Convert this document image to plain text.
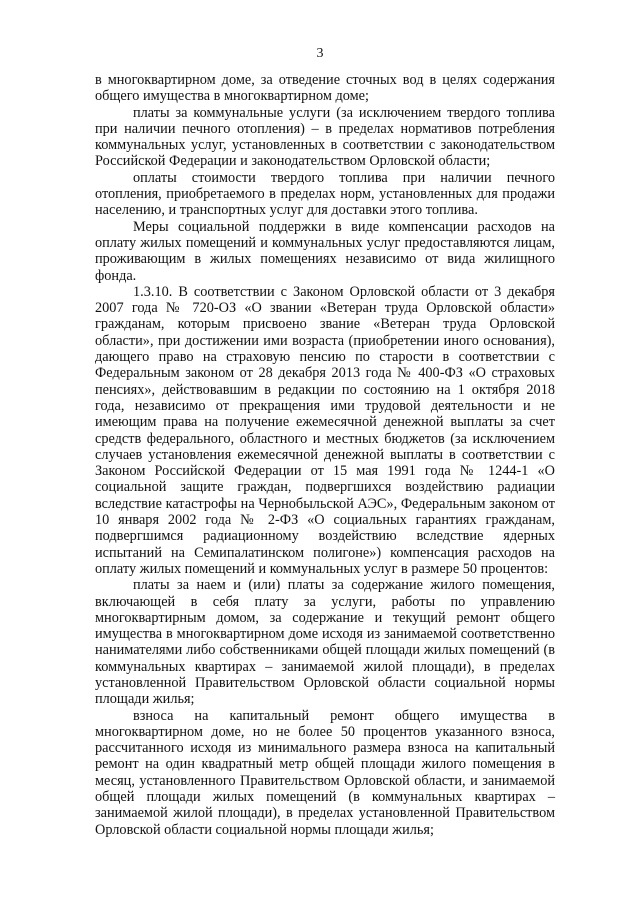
3

в многоквартирном доме, за отведение сточных вод в целях содержания общего имущества в многоквартирном доме;

платы за коммунальные услуги (за исключением твердого топлива при наличии печного отопления) – в пределах нормативов потребления коммунальных услуг, установленных в соответствии с законодательством Российской Федерации и законодательством Орловской области;

оплаты стоимости твердого топлива при наличии печного отопления, приобретаемого в пределах норм, установленных для продажи населению, и транспортных услуг для доставки этого топлива.

Меры социальной поддержки в виде компенсации расходов на оплату жилых помещений и коммунальных услуг предоставляются лицам, проживающим в жилых помещениях независимо от вида жилищного фонда.

1.3.10. В соответствии с Законом Орловской области от 3 декабря 2007 года № 720-ОЗ «О звании «Ветеран труда Орловской области» гражданам, которым присвоено звание «Ветеран труда Орловской области», при достижении ими возраста (приобретении иного основания), дающего право на страховую пенсию по старости в соответствии с Федеральным законом от 28 декабря 2013 года № 400-ФЗ «О страховых пенсиях», действовавшим в редакции по состоянию на 1 октября 2018 года, независимо от прекращения ими трудовой деятельности и не имеющим права на получение ежемесячной денежной выплаты за счет средств федерального, областного и местных бюджетов (за исключением случаев установления ежемесячной денежной выплаты в соответствии с Законом Российской Федерации от 15 мая 1991 года № 1244-1 «О социальной защите граждан, подвергшихся воздействию радиации вследствие катастрофы на Чернобыльской АЭС», Федеральным законом от 10 января 2002 года № 2-ФЗ «О социальных гарантиях гражданам, подвергшимся радиационному воздействию вследствие ядерных испытаний на Семипалатинском полигоне») компенсация расходов на оплату жилых помещений и коммунальных услуг в размере 50 процентов:

платы за наем и (или) платы за содержание жилого помещения, включающей в себя плату за услуги, работы по управлению многоквартирным домом, за содержание и текущий ремонт общего имущества в многоквартирном доме исходя из занимаемой соответственно нанимателями либо собственниками общей площади жилых помещений (в коммунальных квартирах – занимаемой жилой площади), в пределах установленной Правительством Орловской области социальной нормы площади жилья;

взноса на капитальный ремонт общего имущества в многоквартирном доме, но не более 50 процентов указанного взноса, рассчитанного исходя из минимального размера взноса на капитальный ремонт на один квадратный метр общей площади жилого помещения в месяц, установленного Правительством Орловской области, и занимаемой общей площади жилых помещений (в коммунальных квартирах – занимаемой жилой площади), в пределах установленной Правительством Орловской области социальной нормы площади жилья;
